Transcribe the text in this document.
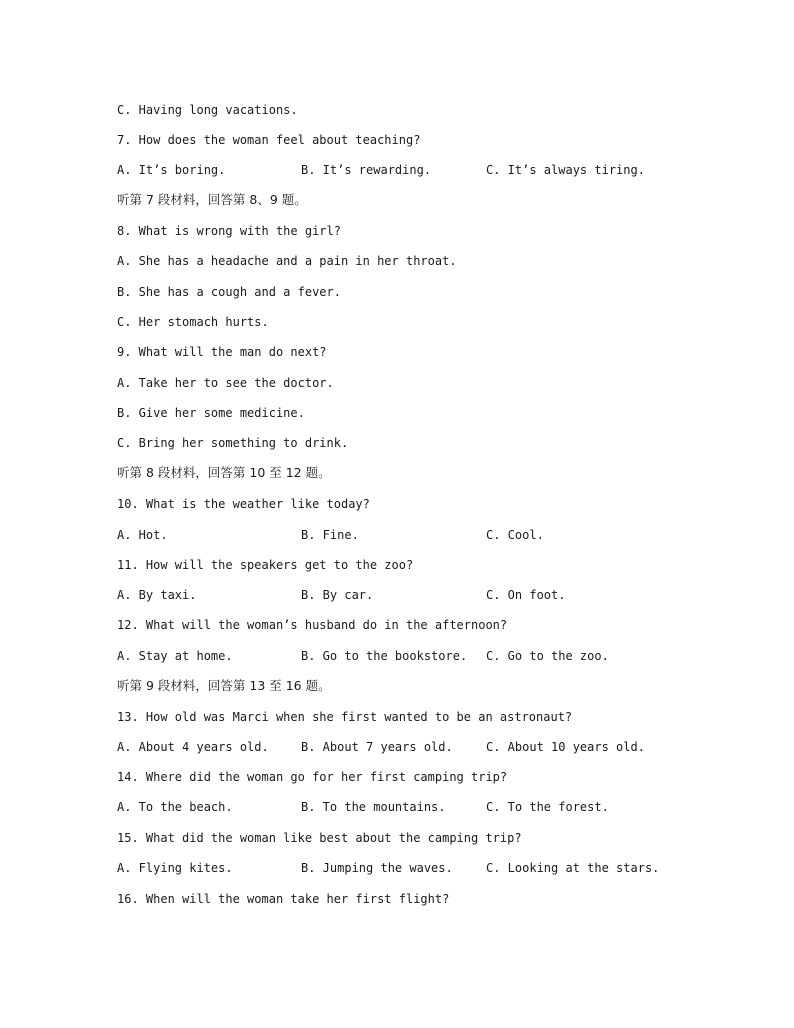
C. Having long vacations.
7. How does the woman feel about teaching?
A. It’s boring.	B. It’s rewarding.	C. It’s always tiring.
听第 7 段材料，回答第 8、9 题。
8. What is wrong with the girl?
A. She has a headache and a pain in her throat.
B. She has a cough and a fever.
C. Her stomach hurts.
9. What will the man do next?
A. Take her to see the doctor.
B. Give her some medicine.
C. Bring her something to drink.
听第 8 段材料，回答第 10 至 12 题。
10. What is the weather like today?
A. Hot.	B. Fine.	C. Cool.
11. How will the speakers get to the zoo?
A. By taxi.	B. By car.	C. On foot.
12. What will the woman’s husband do in the afternoon?
A. Stay at home.	B. Go to the bookstore. C. Go to the zoo.
听第 9 段材料，回答第 13 至 16 题。
13. How old was Marci when she first wanted to be an astronaut?
A. About 4 years old.	B. About 7 years old.	C. About 10 years old.
14. Where did the woman go for her first camping trip?
A. To the beach.	B. To the mountains.	C. To the forest.
15. What did the woman like best about the camping trip?
A. Flying kites.	B. Jumping the waves.	C. Looking at the stars.
16. When will the woman take her first flight?
